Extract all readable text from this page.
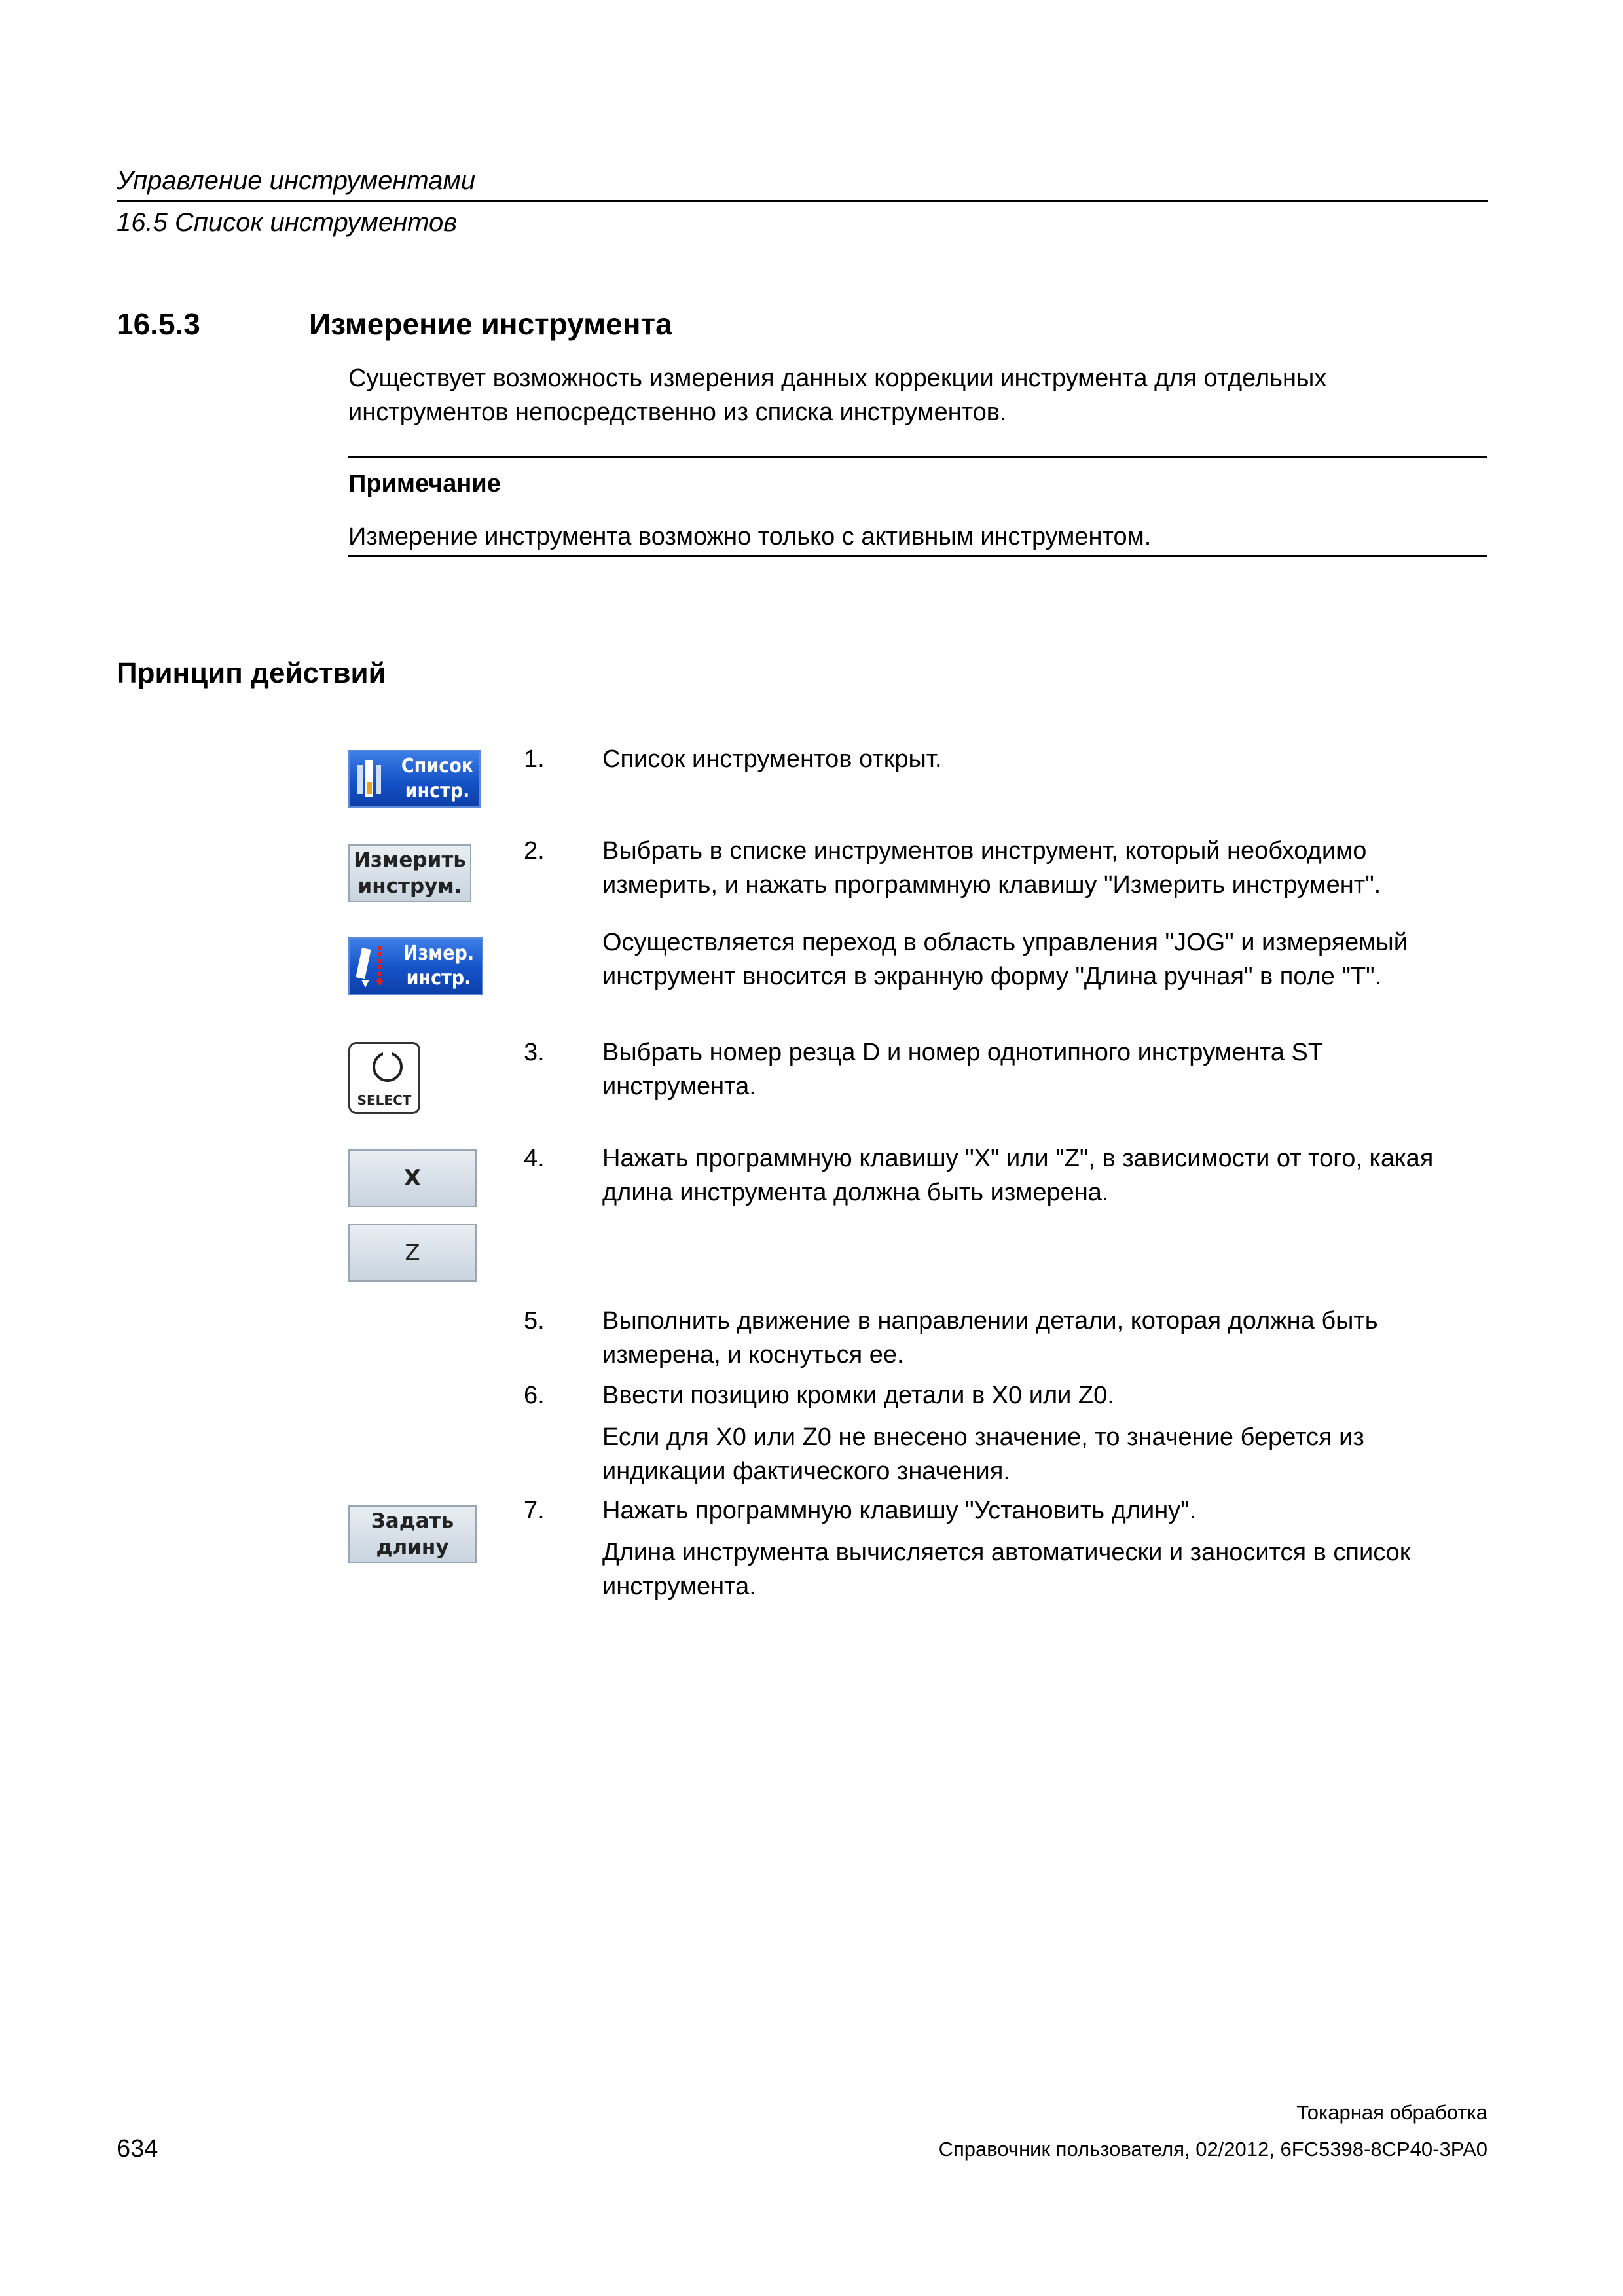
Управление инструментами
16.5 Список инструментов
16.5.3	Измерение инструмента
Существует возможность измерения данных коррекции инструмента для отдельных инструментов непосредственно из списка инструментов.
Примечание
Измерение инструмента возможно только с активным инструментом.
Принцип действий
Список
инстр.
Измерить
инструм.
Измер.
инстр.
SELECT
X
Z
Задать
длину
1.	Список инструментов открыт.
2.	Выбрать в списке инструментов инструмент, который необходимо измерить, и нажать программную клавишу "Измерить инструмент".
Осуществляется переход в область управления "JOG" и измеряемый инструмент вносится в экранную форму "Длина ручная" в поле "T".
3.	Выбрать номер резца D и номер однотипного инструмента ST инструмента.
4.	Нажать программную клавишу "X" или "Z", в зависимости от того, какая длина инструмента должна быть измерена.
5.	Выполнить движение в направлении детали, которая должна быть измерена, и коснуться ее.
6.	Ввести позицию кромки детали в X0 или Z0.
Если для X0 или Z0 не внесено значение, то значение берется из индикации фактического значения.
7.	Нажать программную клавишу "Установить длину".
Длина инструмента вычисляется автоматически и заносится в список инструмента.
Токарная обработка
634	Справочник пользователя, 02/2012, 6FC5398-8CP40-3PA0
